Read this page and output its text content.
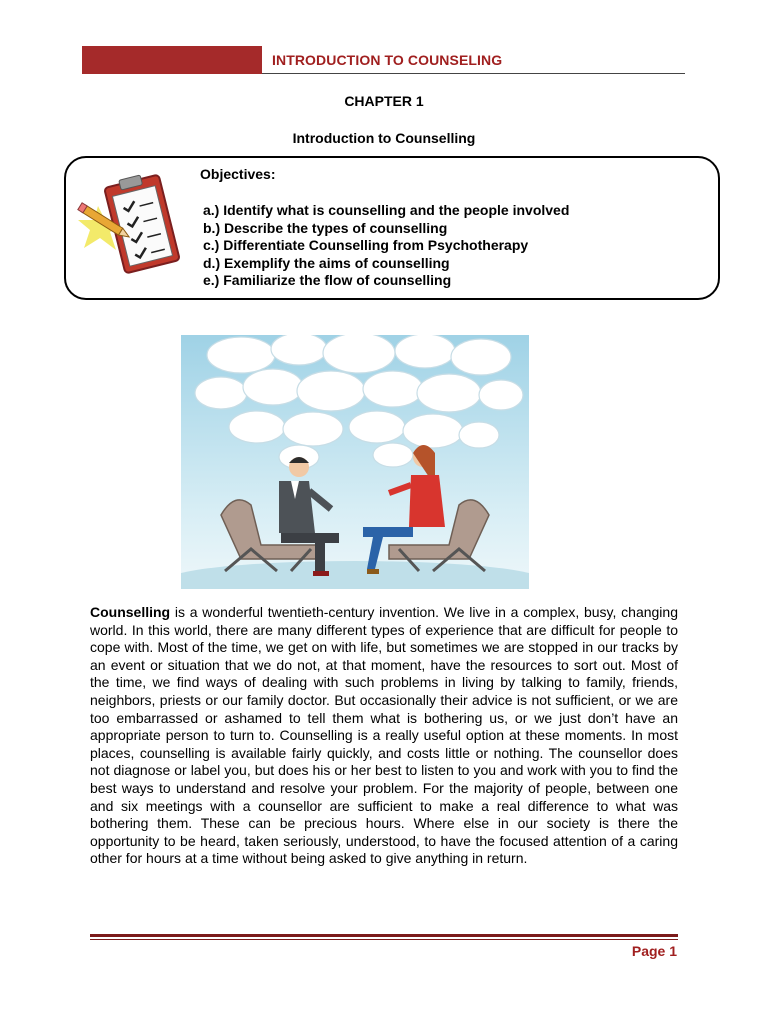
INTRODUCTION TO COUNSELING
CHAPTER 1
Introduction to Counselling
Objectives:
a.) Identify what is counselling and the people involved
b.) Describe the types of counselling
c.) Differentiate Counselling from Psychotherapy
d.) Exemplify the aims of counselling
e.) Familiarize the flow of counselling

Counselling is a wonderful twentieth-century invention. We live in a complex, busy, changing world. In this world, there are many different types of experience that are difficult for people to cope with. Most of the time, we get on with life, but sometimes we are stopped in our tracks by an event or situation that we do not, at that moment, have the resources to sort out. Most of the time, we find ways of dealing with such problems in living by talking to family, friends, neighbors, priests or our family doctor. But occasionally their advice is not sufficient, or we are too embarrassed or ashamed to tell them what is bothering us, or we just don’t have an appropriate person to turn to. Counselling is a really useful option at these moments. In most places, counselling is available fairly quickly, and costs little or nothing. The counsellor does not diagnose or label you, but does his or her best to listen to you and work with you to find the best ways to understand and resolve your problem. For the majority of people, between one and six meetings with a counsellor are sufficient to make a real difference to what was bothering them. These can be precious hours. Where else in our society is there the opportunity to be heard, taken seriously, understood, to have the focused attention of a caring other for hours at a time without being asked to give anything in return.

Page 1
